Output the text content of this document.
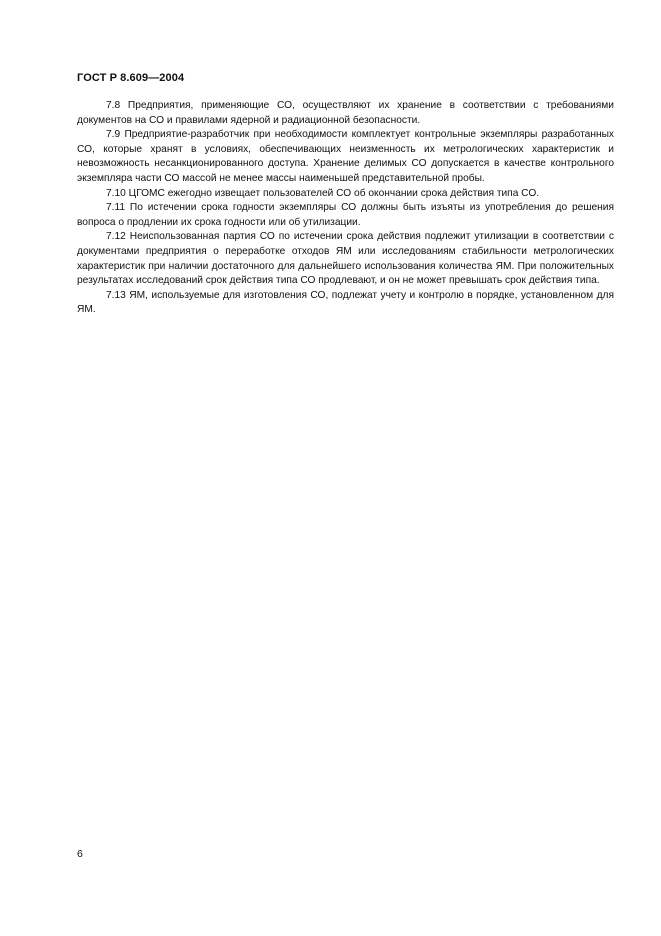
ГОСТ Р 8.609—2004

7.8 Предприятия, применяющие СО, осуществляют их хранение в соответствии с требованиями документов на СО и правилами ядерной и радиационной безопасности.

7.9 Предприятие-разработчик при необходимости комплектует контрольные экземпляры разработанных СО, которые хранят в условиях, обеспечивающих неизменность их метрологических характеристик и невозможность несанкционированного доступа. Хранение делимых СО допускается в качестве контрольного экземпляра части СО массой не менее массы наименьшей представительной пробы.

7.10 ЦГОМС ежегодно извещает пользователей СО об окончании срока действия типа СО.

7.11 По истечении срока годности экземпляры СО должны быть изъяты из употребления до решения вопроса о продлении их срока годности или об утилизации.

7.12 Неиспользованная партия СО по истечении срока действия подлежит утилизации в соответствии с документами предприятия о переработке отходов ЯМ или исследованиям стабильности метрологических характеристик при наличии достаточного для дальнейшего использования количества ЯМ. При положительных результатах исследований срок действия типа СО продлевают, и он не может превышать срок действия типа.

7.13 ЯМ, используемые для изготовления СО, подлежат учету и контролю в порядке, установленном для ЯМ.

6
